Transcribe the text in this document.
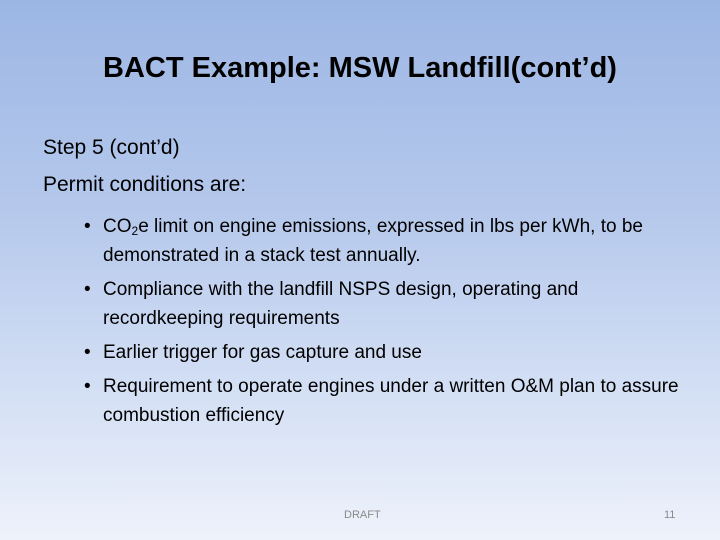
BACT Example: MSW Landfill(cont’d)
Step 5 (cont’d)
Permit conditions are:
• $CO_2e$ limit on engine emissions, expressed in lbs per kWh, to be demonstrated in a stack test annually.
• Compliance with the landfill NSPS design, operating and recordkeeping requirements
• Earlier trigger for gas capture and use
• Requirement to operate engines under a written O&M plan to assure combustion efficiency
DRAFT	11
